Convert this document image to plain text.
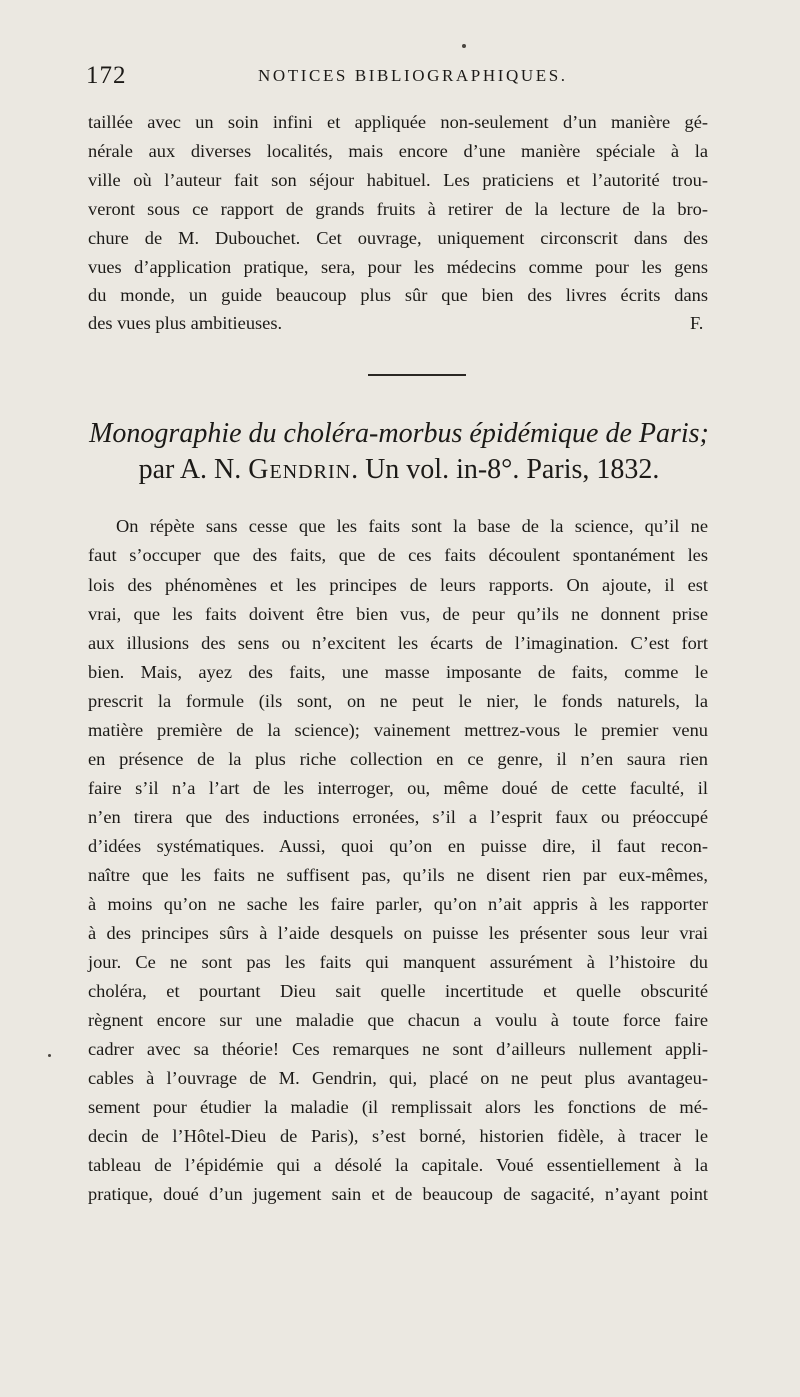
172	NOTICES BIBLIOGRAPHIQUES.
taillée avec un soin infini et appliquée non-seulement d’un manière gé-
nérale aux diverses localités, mais encore d’une manière spéciale à la
ville où l’auteur fait son séjour habituel. Les praticiens et l’autorité trou-
veront sous ce rapport de grands fruits à retirer de la lecture de la bro-
chure de M. Dubouchet. Cet ouvrage, uniquement circonscrit dans des
vues d’application pratique, sera, pour les médecins comme pour les gens
du monde, un guide beaucoup plus sûr que bien des livres écrits dans
des vues plus ambitieuses.	F.
Monographie du choléra-morbus épidémique de Paris;
par A. N. Gendrin. Un vol. in-8°. Paris, 1832.
On répète sans cesse que les faits sont la base de la science, qu’il ne
faut s’occuper que des faits, que de ces faits découlent spontanément les
lois des phénomènes et les principes de leurs rapports. On ajoute, il est
vrai, que les faits doivent être bien vus, de peur qu’ils ne donnent prise
aux illusions des sens ou n’excitent les écarts de l’imagination. C’est fort
bien. Mais, ayez des faits, une masse imposante de faits, comme le
prescrit la formule (ils sont, on ne peut le nier, le fonds naturels, la
matière première de la science); vainement mettrez-vous le premier venu
en présence de la plus riche collection en ce genre, il n’en saura rien
faire s’il n’a l’art de les interroger, ou, même doué de cette faculté, il
n’en tirera que des inductions erronées, s’il a l’esprit faux ou préoccupé
d’idées systématiques. Aussi, quoi qu’on en puisse dire, il faut recon-
naître que les faits ne suffisent pas, qu’ils ne disent rien par eux-mêmes,
à moins qu’on ne sache les faire parler, qu’on n’ait appris à les rapporter
à des principes sûrs à l’aide desquels on puisse les présenter sous leur vrai
jour. Ce ne sont pas les faits qui manquent assurément à l’histoire du
choléra, et pourtant Dieu sait quelle incertitude et quelle obscurité
règnent encore sur une maladie que chacun a voulu à toute force faire
cadrer avec sa théorie! Ces remarques ne sont d’ailleurs nullement appli-
cables à l’ouvrage de M. Gendrin, qui, placé on ne peut plus avantageu-
sement pour étudier la maladie (il remplissait alors les fonctions de mé-
decin de l’Hôtel-Dieu de Paris), s’est borné, historien fidèle, à tracer le
tableau de l’épidémie qui a désolé la capitale. Voué essentiellement à la
pratique, doué d’un jugement sain et de beaucoup de sagacité, n’ayant point
